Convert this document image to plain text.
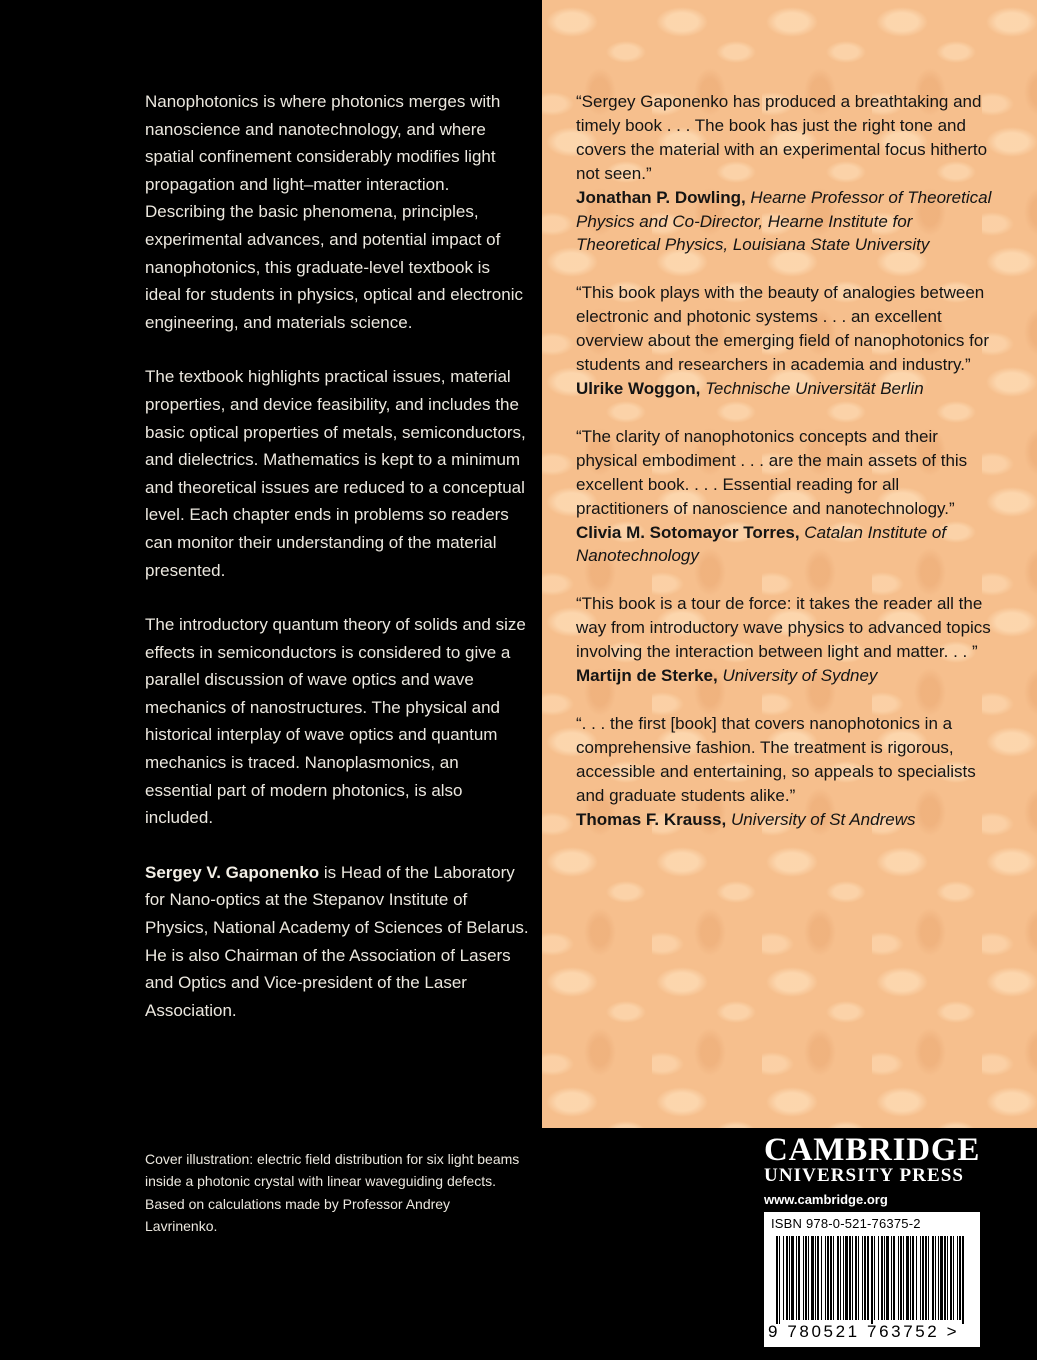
Nanophotonics is where photonics merges with nanoscience and nanotechnology, and where spatial confinement considerably modifies light propagation and light–matter interaction. Describing the basic phenomena, principles, experimental advances, and potential impact of nanophotonics, this graduate-level textbook is ideal for students in physics, optical and electronic engineering, and materials science.

The textbook highlights practical issues, material properties, and device feasibility, and includes the basic optical properties of metals, semiconductors, and dielectrics. Mathematics is kept to a minimum and theoretical issues are reduced to a conceptual level. Each chapter ends in problems so readers can monitor their understanding of the material presented.

The introductory quantum theory of solids and size effects in semiconductors is considered to give a parallel discussion of wave optics and wave mechanics of nanostructures. The physical and historical interplay of wave optics and quantum mechanics is traced. Nanoplasmonics, an essential part of modern photonics, is also included.

Sergey V. Gaponenko is Head of the Laboratory for Nano-optics at the Stepanov Institute of Physics, National Academy of Sciences of Belarus. He is also Chairman of the Association of Lasers and Optics and Vice-president of the Laser Association.

“Sergey Gaponenko has produced a breathtaking and timely book . . . The book has just the right tone and covers the material with an experimental focus hitherto not seen.”

Jonathan P. Dowling, Hearne Professor of Theoretical Physics and Co-Director, Hearne Institute for Theoretical Physics, Louisiana State University

“This book plays with the beauty of analogies between electronic and photonic systems . . . an excellent overview about the emerging field of nanophotonics for students and researchers in academia and industry.”

Ulrike Woggon, Technische Universität Berlin

“The clarity of nanophotonics concepts and their physical embodiment . . . are the main assets of this excellent book. . . . Essential reading for all practitioners of nanoscience and nanotechnology.”

Clivia M. Sotomayor Torres, Catalan Institute of Nanotechnology

“This book is a tour de force: it takes the reader all the way from introductory wave physics to advanced topics involving the interaction between light and matter. . . ”

Martijn de Sterke, University of Sydney

“. . . the first [book] that covers nanophotonics in a comprehensive fashion. The treatment is rigorous, accessible and entertaining, so appeals to specialists and graduate students alike.”

Thomas F. Krauss, University of St Andrews

Cover illustration: electric field distribution for six light beams inside a photonic crystal with linear waveguiding defects. Based on calculations made by Professor Andrey Lavrinenko.
CAMBRIDGE
UNIVERSITY PRESS
www.cambridge.org
ISBN 978-0-521-76375-2
9 780521 763752 >
